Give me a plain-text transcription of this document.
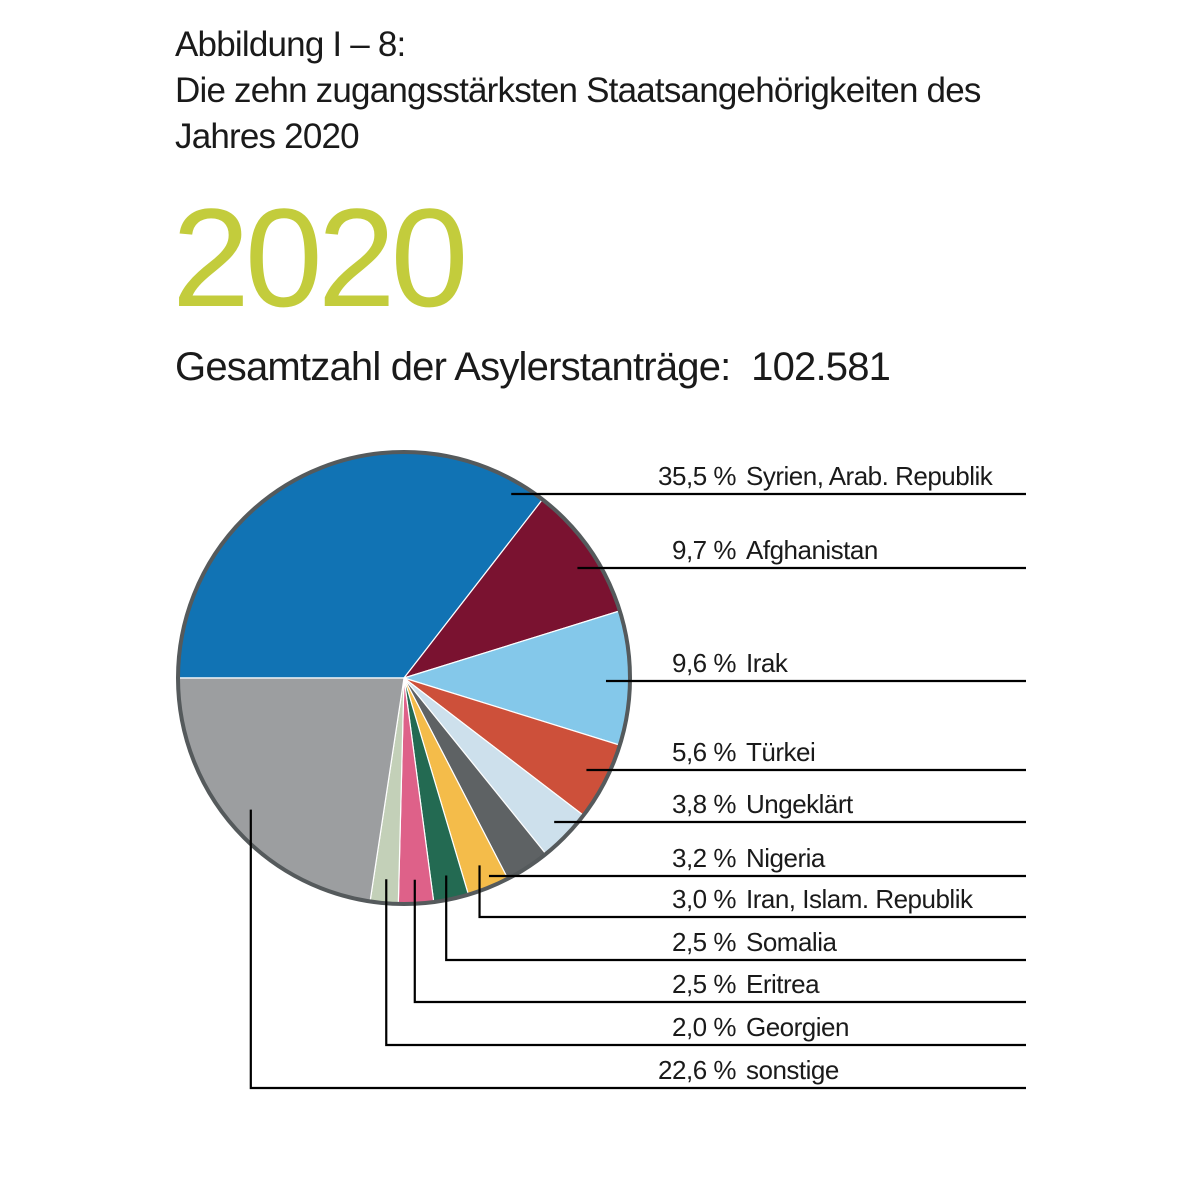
Abbildung I – 8:
Die zehn zugangsstärksten Staatsangehörigkeiten des
Jahres 2020
2020
Gesamtzahl der Asylerstanträge: 102.581
35,5 % Syrien, Arab. Republik
9,7 % Afghanistan
9,6 % Irak
5,6 % Türkei
3,8 % Ungeklärt
3,2 % Nigeria
3,0 % Iran, Islam. Republik
2,5 % Somalia
2,5 % Eritrea
2,0 % Georgien
22,6 % sonstige
